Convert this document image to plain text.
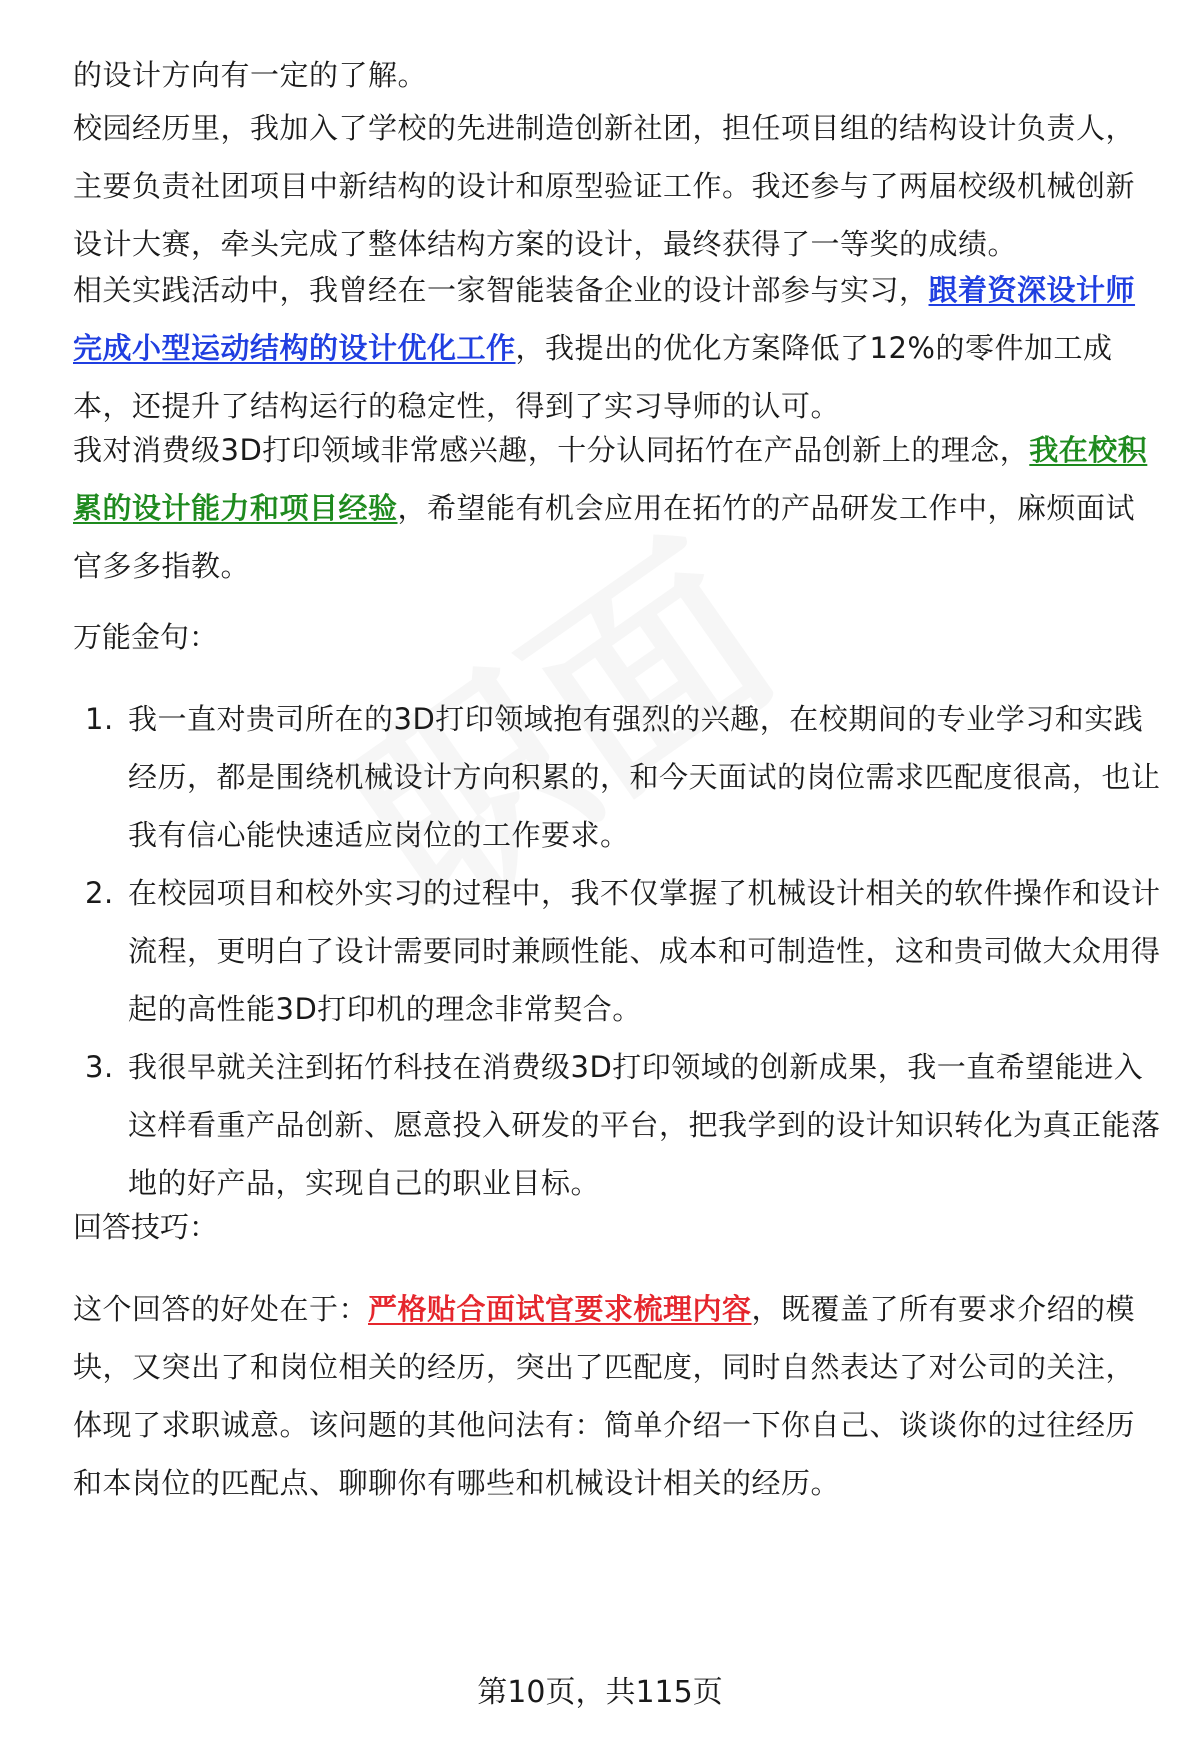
的设计方向有一定的了解。

校园经历里，我加入了学校的先进制造创新社团，担任项目组的结构设计负责人，主要负责社团项目中新结构的设计和原型验证工作。我还参与了两届校级机械创新设计大赛，牵头完成了整体结构方案的设计，最终获得了一等奖的成绩。

相关实践活动中，我曾经在一家智能装备企业的设计部参与实习，跟着资深设计师完成小型运动结构的设计优化工作，我提出的优化方案降低了12%的零件加工成本，还提升了结构运行的稳定性，得到了实习导师的认可。

我对消费级3D打印领域非常感兴趣，十分认同拓竹在产品创新上的理念，我在校积累的设计能力和项目经验，希望能有机会应用在拓竹的产品研发工作中，麻烦面试官多多指教。

万能金句：

1. 我一直对贵司所在的3D打印领域抱有强烈的兴趣，在校期间的专业学习和实践经历，都是围绕机械设计方向积累的，和今天面试的岗位需求匹配度很高，也让我有信心能快速适应岗位的工作要求。
2. 在校园项目和校外实习的过程中，我不仅掌握了机械设计相关的软件操作和设计流程，更明白了设计需要同时兼顾性能、成本和可制造性，这和贵司做大众用得起的高性能3D打印机的理念非常契合。
3. 我很早就关注到拓竹科技在消费级3D打印领域的创新成果，我一直希望能进入这样看重产品创新、愿意投入研发的平台，把我学到的设计知识转化为真正能落地的好产品，实现自己的职业目标。

回答技巧：

这个回答的好处在于：严格贴合面试官要求梳理内容，既覆盖了所有要求介绍的模块，又突出了和岗位相关的经历，突出了匹配度，同时自然表达了对公司的关注，体现了求职诚意。该问题的其他问法有：简单介绍一下你自己、谈谈你的过往经历和本岗位的匹配点、聊聊你有哪些和机械设计相关的经历。

第10页，共115页
